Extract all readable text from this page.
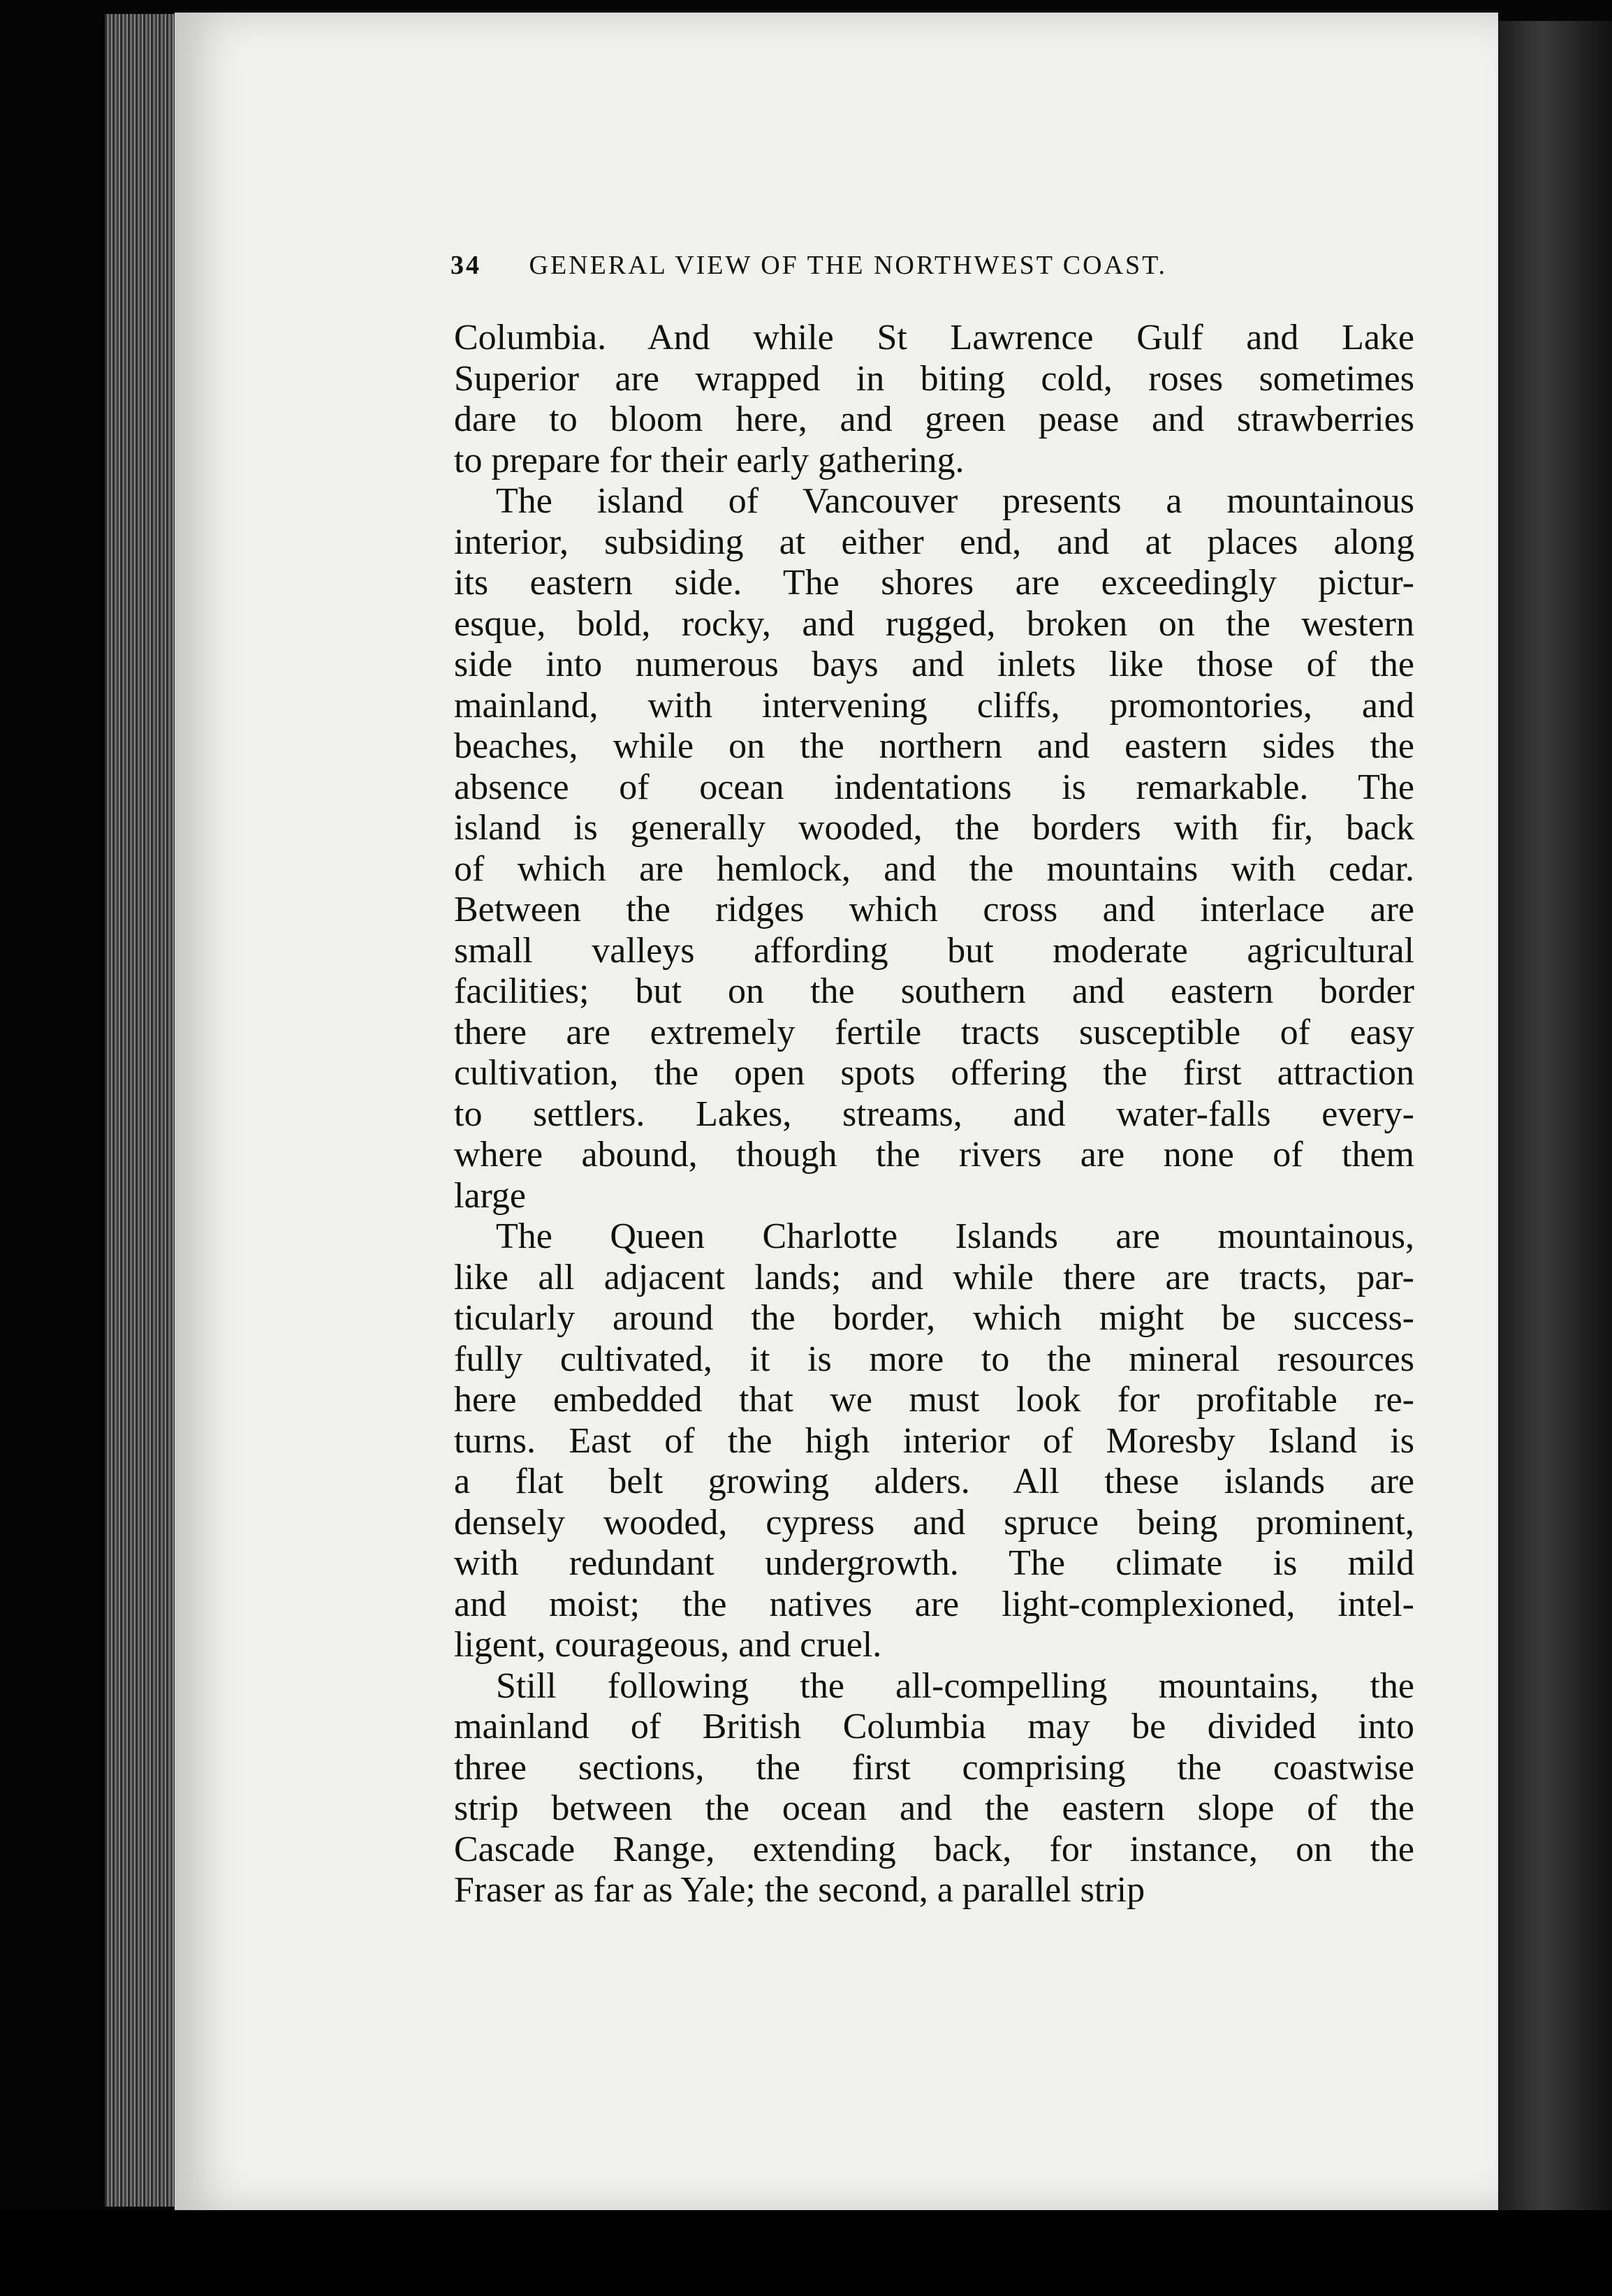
34 GENERAL VIEW OF THE NORTHWEST COAST.
Columbia. And while St Lawrence Gulf and Lake
Superior are wrapped in biting cold, roses sometimes
dare to bloom here, and green pease and strawberries
to prepare for their early gathering.
The island of Vancouver presents a mountainous
interior, subsiding at either end, and at places along
its eastern side. The shores are exceedingly pictur-
esque, bold, rocky, and rugged, broken on the western
side into numerous bays and inlets like those of the
mainland, with intervening cliffs, promontories, and
beaches, while on the northern and eastern sides the
absence of ocean indentations is remarkable. The
island is generally wooded, the borders with fir, back
of which are hemlock, and the mountains with cedar.
Between the ridges which cross and interlace are
small valleys affording but moderate agricultural
facilities; but on the southern and eastern border
there are extremely fertile tracts susceptible of easy
cultivation, the open spots offering the first attraction
to settlers. Lakes, streams, and water-falls every-
where abound, though the rivers are none of them
large
The Queen Charlotte Islands are mountainous,
like all adjacent lands; and while there are tracts, par-
ticularly around the border, which might be success-
fully cultivated, it is more to the mineral resources
here embedded that we must look for profitable re-
turns. East of the high interior of Moresby Island is
a flat belt growing alders. All these islands are
densely wooded, cypress and spruce being prominent,
with redundant undergrowth. The climate is mild
and moist; the natives are light-complexioned, intel-
ligent, courageous, and cruel.
Still following the all-compelling mountains, the
mainland of British Columbia may be divided into
three sections, the first comprising the coastwise
strip between the ocean and the eastern slope of the
Cascade Range, extending back, for instance, on the
Fraser as far as Yale; the second, a parallel strip
